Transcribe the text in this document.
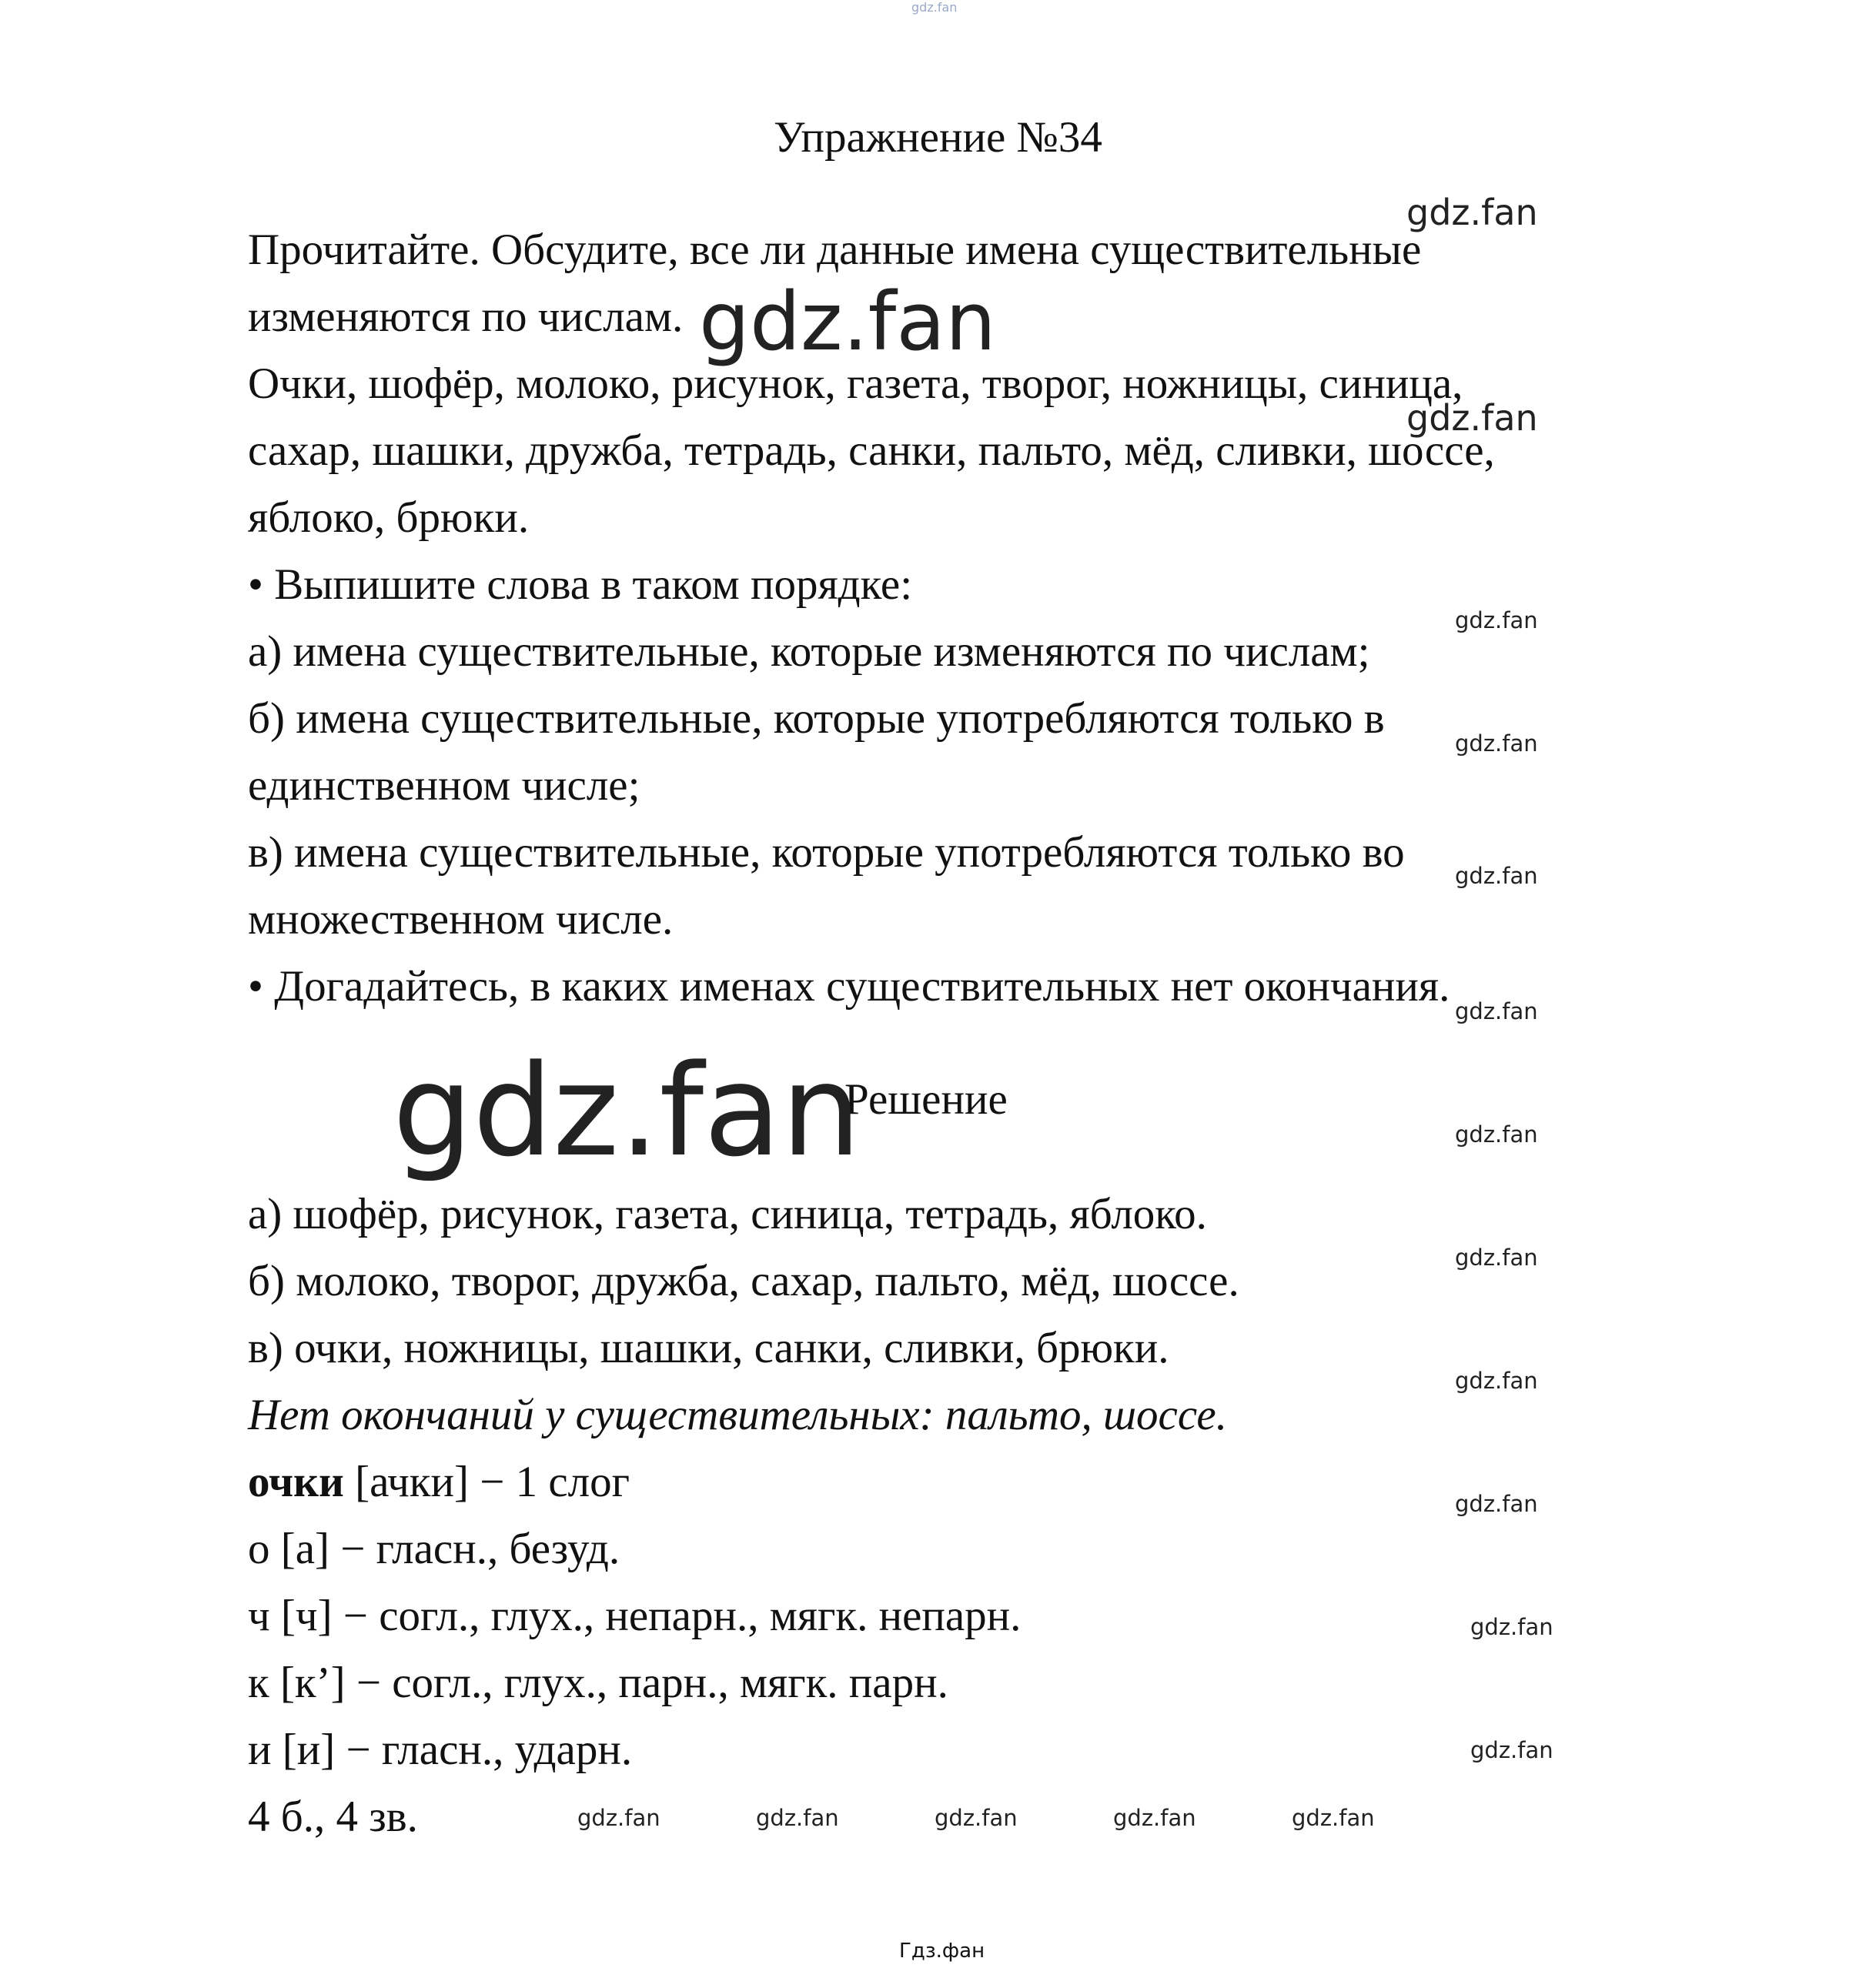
gdz.fan
Упражнение №34
Прочитайте. Обсудите, все ли данные имена существительные
изменяются по числам.
Очки, шофёр, молоко, рисунок, газета, творог, ножницы, синица,
сахар, шашки, дружба, тетрадь, санки, пальто, мёд, сливки, шоссе,
яблоко, брюки.
• Выпишите слова в таком порядке:
а) имена существительные, которые изменяются по числам;
б) имена существительные, которые употребляются только в
единственном числе;
в) имена существительные, которые употребляются только во
множественном числе.
• Догадайтесь, в каких именах существительных нет окончания.
Решение
а) шофёр, рисунок, газета, синица, тетрадь, яблоко.
б) молоко, творог, дружба, сахар, пальто, мёд, шоссе.
в) очки, ножницы, шашки, санки, сливки, брюки.
Нет окончаний у существительных: пальто, шоссе.
очки [ачки] − 1 слог
о [а] − гласн., безуд.
ч [ч] − согл., глух., непарн., мягк. непарн.
к [к’] − согл., глух., парн., мягк. парн.
и [и] − гласн., ударн.
4 б., 4 зв.
gdz.fan
gdz.fan
gdz.fan
gdz.fan
gdz.fan
gdz.fan
gdz.fan
gdz.fan	gdz.fan
gdz.fan
gdz.fan
gdz.fan
gdz.fan
gdz.fan
gdz.fan	gdz.fan	gdz.fan	gdz.fan	gdz.fan
Гдз.фан
